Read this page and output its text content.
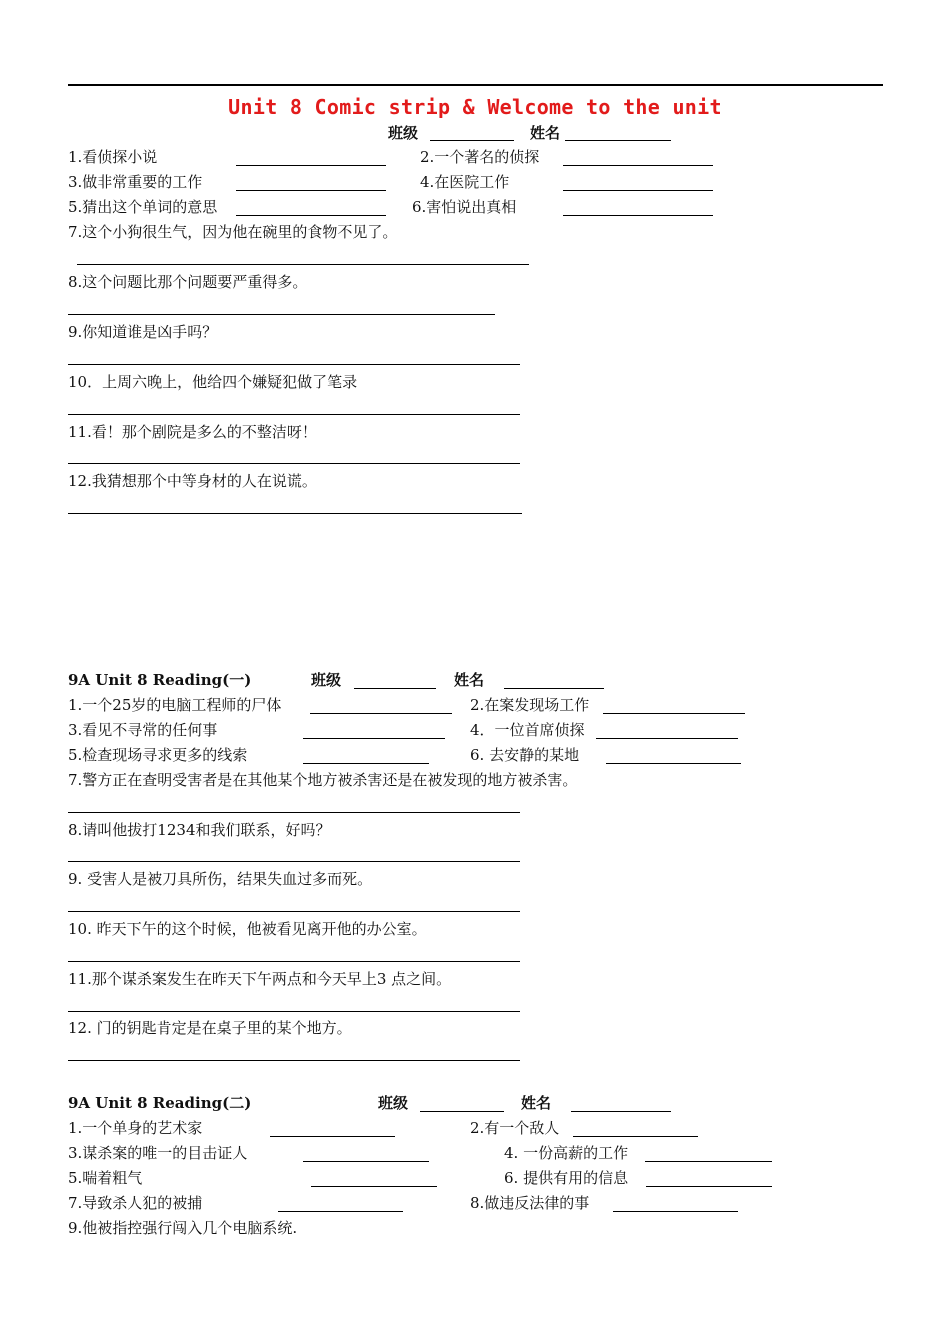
Unit 8 Comic strip & Welcome to the unit
班级	姓名
1.看侦探小说	2.一个著名的侦探
3.做非常重要的工作	4.在医院工作
5.猜出这个单词的意思	6.害怕说出真相
7.这个小狗很生气，因为他在碗里的食物不见了。
8.这个问题比那个问题要严重得多。
9.你知道谁是凶手吗？
10．上周六晚上，他给四个嫌疑犯做了笔录
11.看！那个剧院是多么的不整洁呀！
12.我猜想那个中等身材的人在说谎。
9A Unit 8 Reading(一)	班级	姓名
1.一个25岁的电脑工程师的尸体	2.在案发现场工作
3.看见不寻常的任何事	4．一位首席侦探
5.检查现场寻求更多的线索	6. 去安静的某地
7.警方正在查明受害者是在其他某个地方被杀害还是在被发现的地方被杀害。
8.请叫他拔打1234和我们联系，好吗？
9. 受害人是被刀具所伤，结果失血过多而死。
10. 昨天下午的这个时候，他被看见离开他的办公室。
11.那个谋杀案发生在昨天下午两点和今天早上3 点之间。
12. 门的钥匙肯定是在桌子里的某个地方。
9A Unit 8 Reading(二)	班级	姓名
1.一个单身的艺术家	2.有一个敌人
3.谋杀案的唯一的目击证人	4. 一份高薪的工作
5.喘着粗气	6. 提供有用的信息
7.导致杀人犯的被捕	8.做违反法律的事
9.他被指控强行闯入几个电脑系统.
